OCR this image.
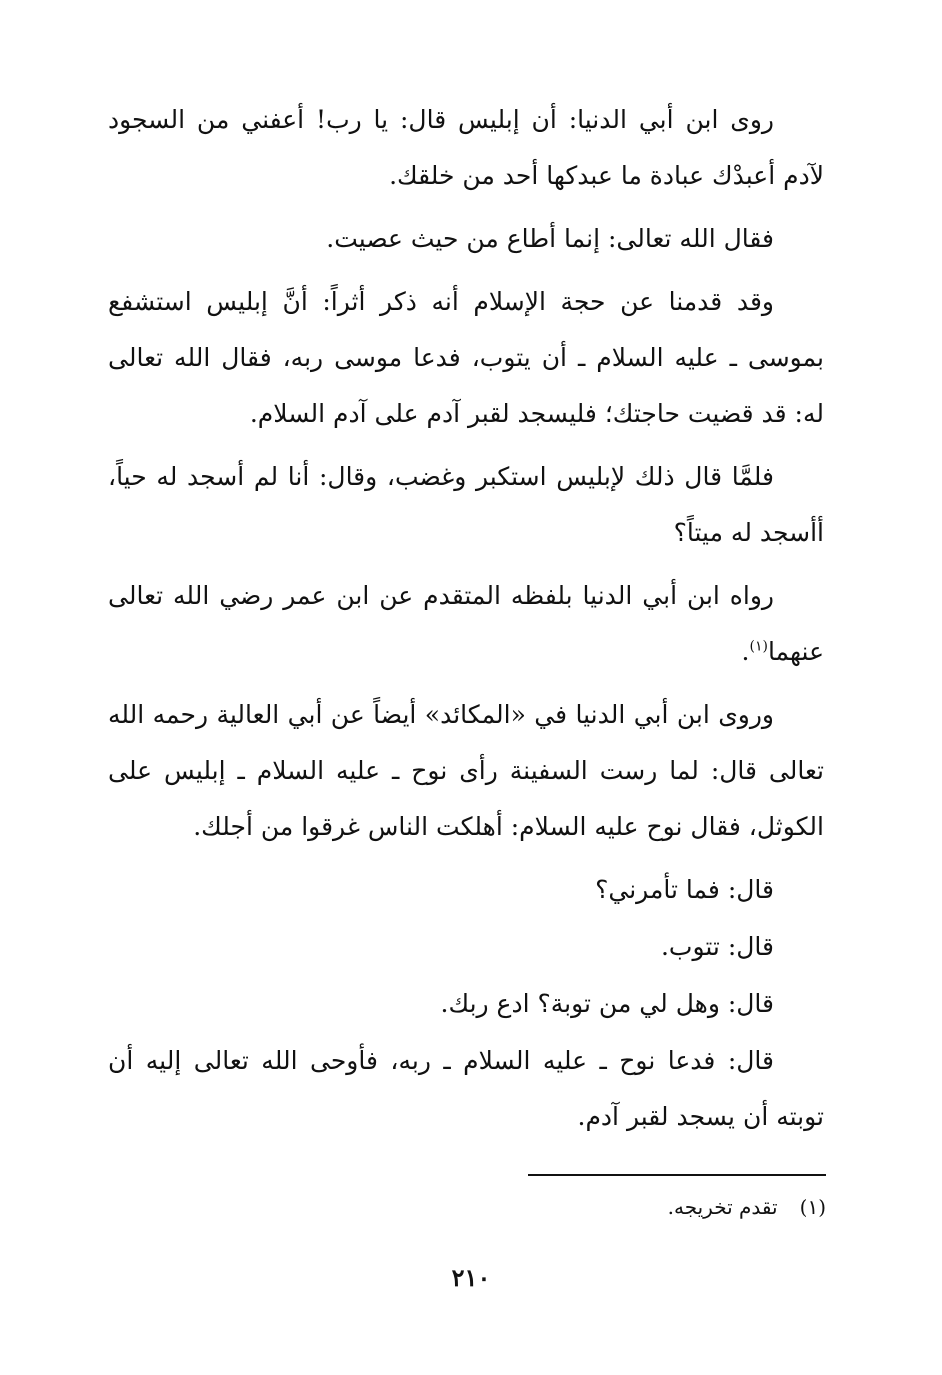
روى ابن أبي الدنيا: أن إبليس قال: يا رب! أعفني من السجود لآدم أعبدْك عبادة ما عبدكها أحد من خلقك.

فقال الله تعالى: إنما أطاع من حيث عصيت.

وقد قدمنا عن حجة الإسلام أنه ذكر أثراً: أنَّ إبليس استشفع بموسى ـ عليه السلام ـ أن يتوب، فدعا موسى ربه، فقال الله تعالى له: قد قضيت حاجتك؛ فليسجد لقبر آدم على آدم السلام.

فلمَّا قال ذلك لإبليس استكبر وغضب، وقال: أنا لم أسجد له حياً، أأسجد له ميتاً؟

رواه ابن أبي الدنيا بلفظه المتقدم عن ابن عمر رضي الله تعالى عنهما$^{(١)}$.

وروى ابن أبي الدنيا في «المكائد» أيضاً عن أبي العالية رحمه الله تعالى قال: لما رست السفينة رأى نوح ـ عليه السلام ـ إبليس على الكوثل، فقال نوح عليه السلام: أهلكت الناس غرقوا من أجلك.

قال: فما تأمرني؟

قال: تتوب.

قال: وهل لي من توبة؟ ادع ربك.

قال: فدعا نوح ـ عليه السلام ـ ربه، فأوحى الله تعالى إليه أن توبته أن يسجد لقبر آدم.

(١)تقدم تخريجه.
٢١٠
